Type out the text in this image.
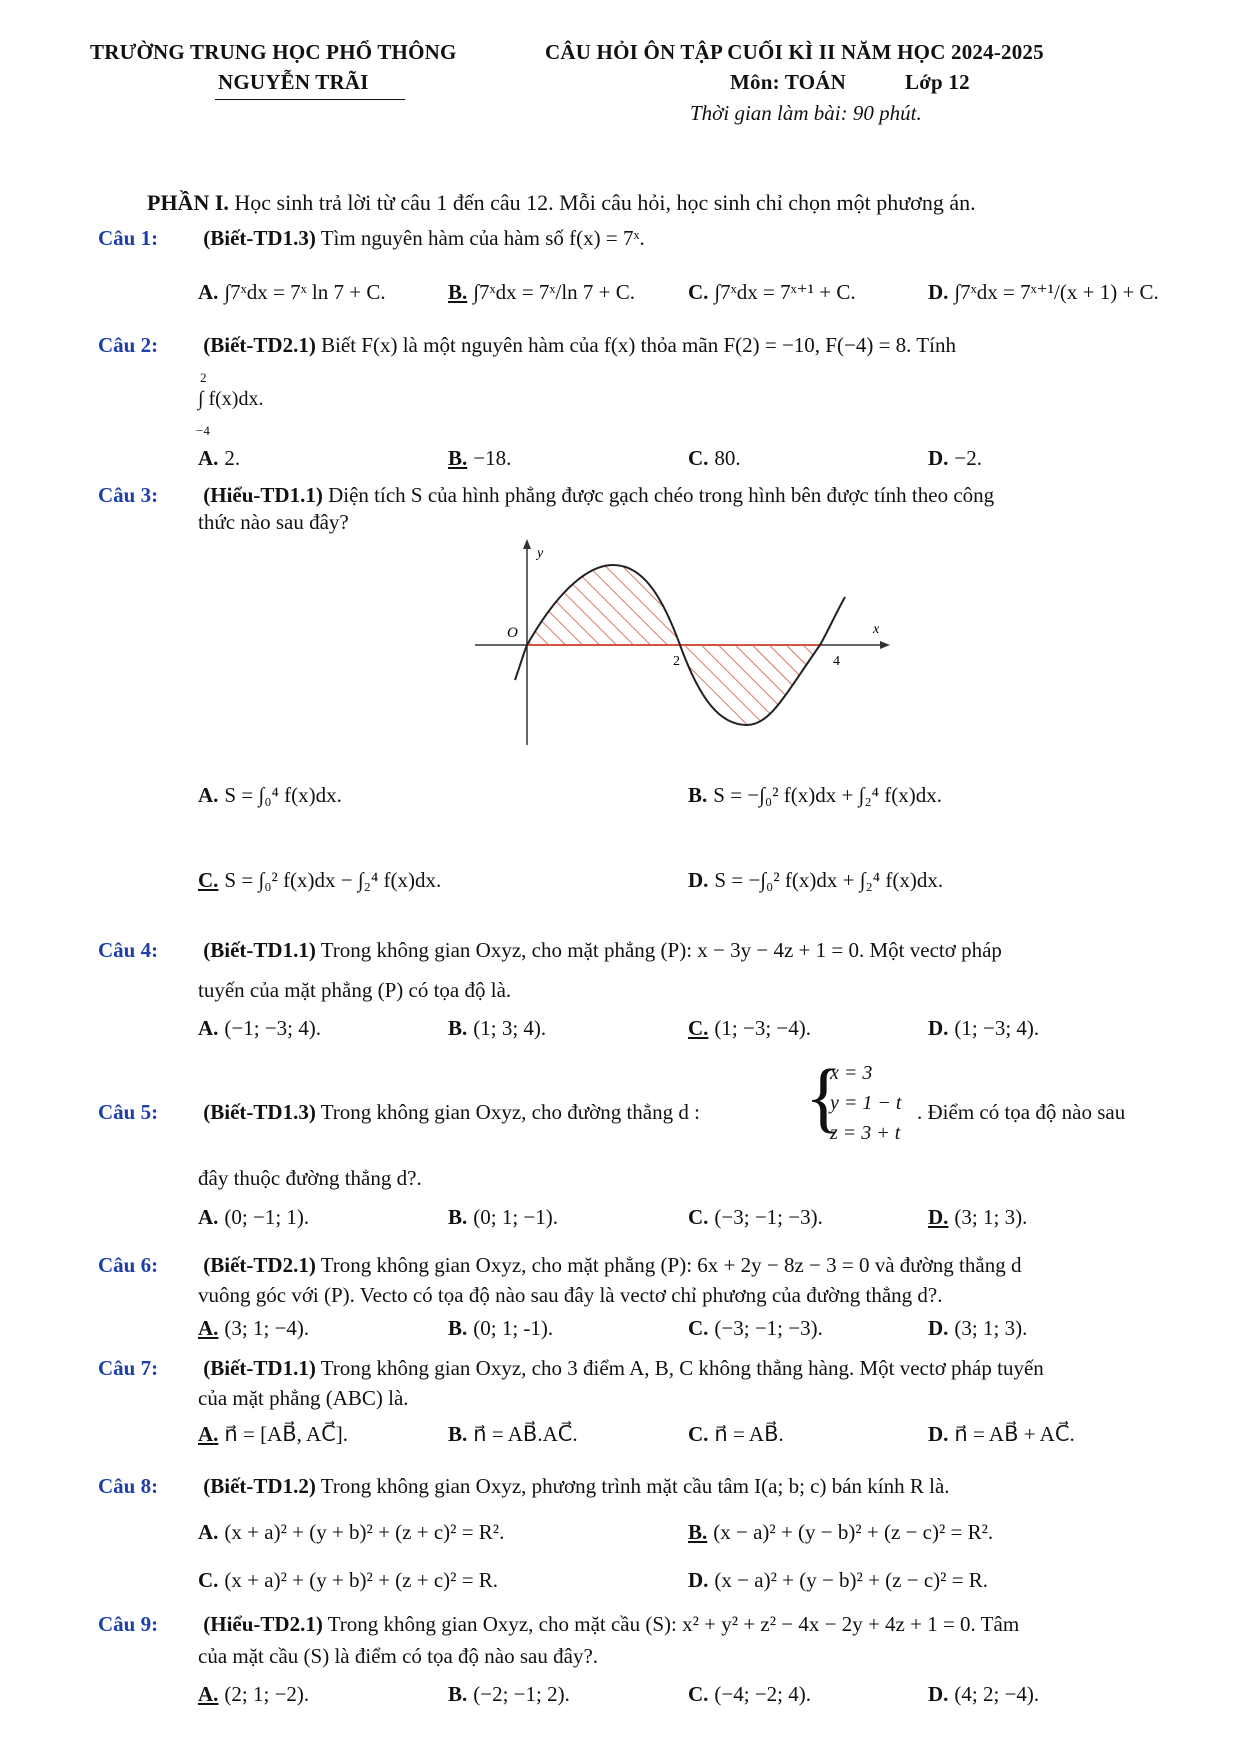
TRƯỜNG TRUNG HỌC PHỔ THÔNG
NGUYỄN TRÃI
CÂU HỎI ÔN TẬP CUỐI KÌ II NĂM HỌC 2024-2025
Môn: TOÁN	Lớp 12
Thời gian làm bài: 90 phút.
PHẦN I. Học sinh trả lời từ câu 1 đến câu 12. Mỗi câu hỏi, học sinh chỉ chọn một phương án.
Câu 1: (Biết-TD1.3) Tìm nguyên hàm của hàm số f(x) = 7ˣ.
A. ∫7ˣdx = 7ˣ ln 7 + C.	B. ∫7ˣdx = 7ˣ/ln 7 + C.	C. ∫7ˣdx = 7ˣ⁺¹ + C.	D. ∫7ˣdx = 7ˣ⁺¹/(x + 1) + C.
Câu 2: (Biết-TD2.1) Biết F(x) là một nguyên hàm của f(x) thỏa mãn F(2) = −10, F(−4) = 8. Tính
2
∫ f(x)dx.
−4
A. 2.	B. −18.	C. 80.	D. −2.
Câu 3: (Hiểu-TD1.1) Diện tích S của hình phẳng được gạch chéo trong hình bên được tính theo công
thức nào sau đây?
y
x
O
2	4
A. S = ∫₀⁴ f(x)dx.	B. S = −∫₀² f(x)dx + ∫₂⁴ f(x)dx.
C. S = ∫₀² f(x)dx − ∫₂⁴ f(x)dx.	D. S = −∫₀² f(x)dx + ∫₂⁴ f(x)dx.
Câu 4: (Biết-TD1.1) Trong không gian Oxyz, cho mặt phẳng (P): x − 3y − 4z + 1 = 0. Một vectơ pháp
tuyến của mặt phẳng (P) có tọa độ là.
A. (−1; −3; 4).	B. (1; 3; 4).	C. (1; −3; −4).	D. (1; −3; 4).
Câu 5: (Biết-TD1.3) Trong không gian Oxyz, cho đường thẳng d : {
x = 3
y = 1 − t
z = 3 + t
. Điểm có tọa độ nào sau
đây thuộc đường thẳng d?.
A. (0; −1; 1).	B. (0; 1; −1).	C. (−3; −1; −3).	D. (3; 1; 3).
Câu 6: (Biết-TD2.1) Trong không gian Oxyz, cho mặt phẳng (P): 6x + 2y − 8z − 3 = 0 và đường thẳng d
vuông góc với (P). Vecto có tọa độ nào sau đây là vectơ chỉ phương của đường thẳng d?.
A. (3; 1; −4).	B. (0; 1; -1).	C. (−3; −1; −3).	D. (3; 1; 3).
Câu 7: (Biết-TD1.1) Trong không gian Oxyz, cho 3 điểm A, B, C không thẳng hàng. Một vectơ pháp tuyến
của mặt phẳng (ABC) là.
A. n⃗ = [AB⃗, AC⃗].	B. n⃗ = AB⃗.AC⃗.	C. n⃗ = AB⃗.	D. n⃗ = AB⃗ + AC⃗.
Câu 8: (Biết-TD1.2) Trong không gian Oxyz, phương trình mặt cầu tâm I(a; b; c) bán kính R là.
A. (x + a)² + (y + b)² + (z + c)² = R².	B. (x − a)² + (y − b)² + (z − c)² = R².
C. (x + a)² + (y + b)² + (z + c)² = R.	D. (x − a)² + (y − b)² + (z − c)² = R.
Câu 9: (Hiểu-TD2.1) Trong không gian Oxyz, cho mặt cầu (S): x² + y² + z² − 4x − 2y + 4z + 1 = 0. Tâm
của mặt cầu (S) là điểm có tọa độ nào sau đây?.
A. (2; 1; −2).	B. (−2; −1; 2).	C. (−4; −2; 4).	D. (4; 2; −4).
